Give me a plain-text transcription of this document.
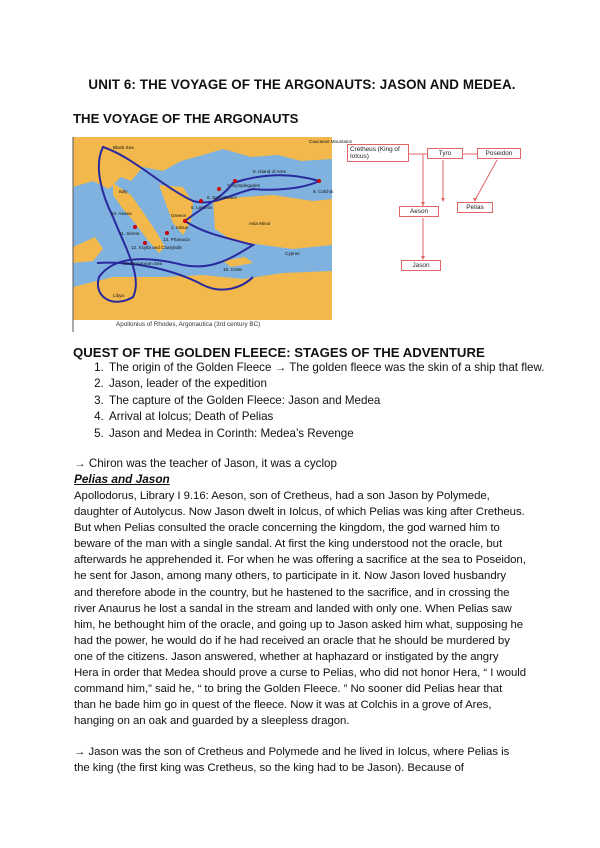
UNIT 6: THE VOYAGE OF THE ARGONAUTS: JASON AND MEDEA.
THE VOYAGE OF THE ARGONAUTS
Black Sea
Caucasus Mountains
9. Colchis
8. Island of Ares
7. Symplegades
6. Samothrace
5. Lemnos
1. Iolcus
Italy
10. Aeaea
11. Sirens
12. Scylla and Charybdis
13. Phaeacia
16. Crete
Libya
Mediterranean Sea
Asia Minor
Greece
Cyprus
Apollonius of Rhodes, Argonautica (3rd century BC)
Cretheus (King of Iolcus)	Tyro	Poseidon
Aeson
Pelias
Jason
QUEST OF THE GOLDEN FLEECE: STAGES OF THE ADVENTURE
1. The origin of the Golden Fleece → The golden fleece was the skin of a ship that flew.
2. Jason, leader of the expedition
3. The capture of the Golden Fleece: Jason and Medea
4. Arrival at Iolcus; Death of Pelias
5. Jason and Medea in Corinth: Medea’s Revenge
→ Chiron was the teacher of Jason, it was a cyclop
Pelias and Jason

Apollodorus, Library I 9.16: Aeson, son of Cretheus, had a son Jason by Polymede, daughter of Autolycus. Now Jason dwelt in Iolcus, of which Pelias was king after Cretheus. But when Pelias consulted the oracle concerning the kingdom, the god warned him to beware of the man with a single sandal. At first the king understood not the oracle, but afterwards he apprehended it. For when he was offering a sacrifice at the sea to Poseidon, he sent for Jason, among many others, to participate in it. Now Jason loved husbandry and therefore abode in the country, but he hastened to the sacrifice, and in crossing the river Anaurus he lost a sandal in the stream and landed with only one. When Pelias saw him, he bethought him of the oracle, and going up to Jason asked him what, supposing he had the power, he would do if he had received an oracle that he should be murdered by one of the citizens. Jason answered, whether at haphazard or instigated by the angry Hera in order that Medea should prove a curse to Pelias, who did not honor Hera, “ I would command him,” said he, “ to bring the Golden Fleece. ” No sooner did Pelias hear that than he bade him go in quest of the fleece. Now it was at Colchis in a grove of Ares, hanging on an oak and guarded by a sleepless dragon.

→ Jason was the son of Cretheus and Polymede and he lived in Iolcus, where Pelias is the king (the first king was Cretheus, so the king had to be Jason). Because of
